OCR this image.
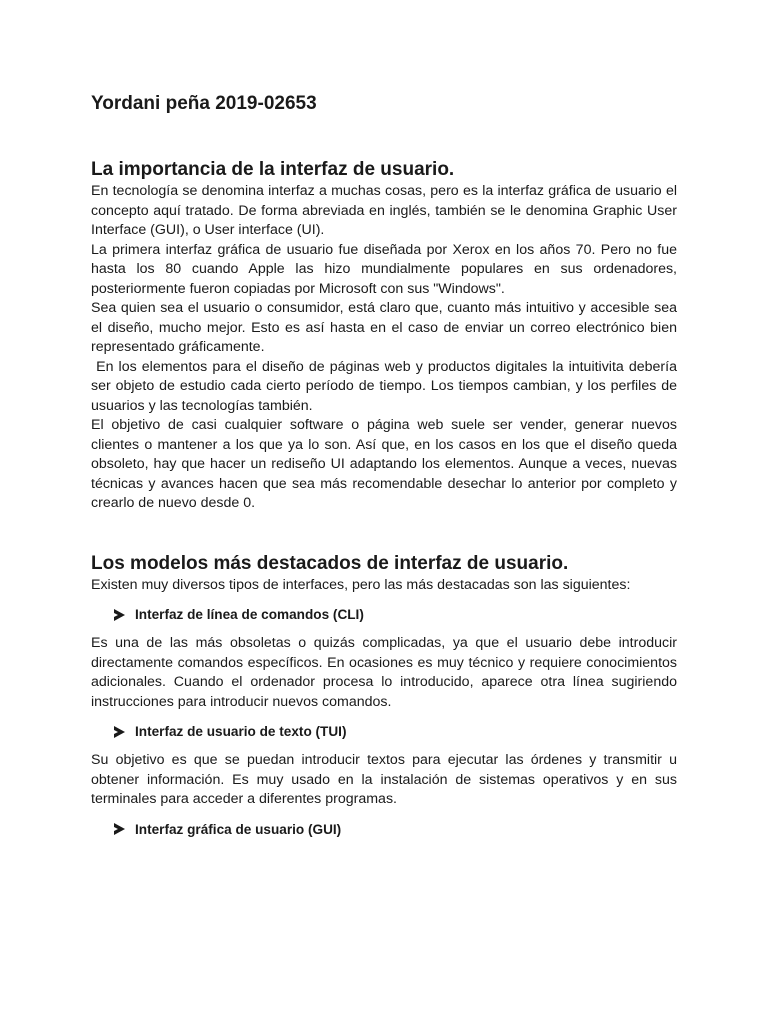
Yordani peña 2019-02653
La importancia de la interfaz de usuario.

En tecnología se denomina interfaz a muchas cosas, pero es la interfaz gráfica de usuario el concepto aquí tratado. De forma abreviada en inglés, también se le denomina Graphic User Interface (GUI), o User interface (UI).

La primera interfaz gráfica de usuario fue diseñada por Xerox en los años 70. Pero no fue hasta los 80 cuando Apple las hizo mundialmente populares en sus ordenadores, posteriormente fueron copiadas por Microsoft con sus "Windows".

Sea quien sea el usuario o consumidor, está claro que, cuanto más intuitivo y accesible sea el diseño, mucho mejor. Esto es así hasta en el caso de enviar un correo electrónico bien representado gráficamente.

En los elementos para el diseño de páginas web y productos digitales la intuitivita debería ser objeto de estudio cada cierto período de tiempo. Los tiempos cambian, y los perfiles de usuarios y las tecnologías también.

El objetivo de casi cualquier software o página web suele ser vender, generar nuevos clientes o mantener a los que ya lo son. Así que, en los casos en los que el diseño queda obsoleto, hay que hacer un rediseño UI adaptando los elementos. Aunque a veces, nuevas técnicas y avances hacen que sea más recomendable desechar lo anterior por completo y crearlo de nuevo desde 0.

Los modelos más destacados de interfaz de usuario.

Existen muy diversos tipos de interfaces, pero las más destacadas son las siguientes:

Interfaz de línea de comandos (CLI)

Es una de las más obsoletas o quizás complicadas, ya que el usuario debe introducir directamente comandos específicos. En ocasiones es muy técnico y requiere conocimientos adicionales. Cuando el ordenador procesa lo introducido, aparece otra línea sugiriendo instrucciones para introducir nuevos comandos.

Interfaz de usuario de texto (TUI)

Su objetivo es que se puedan introducir textos para ejecutar las órdenes y transmitir u obtener información. Es muy usado en la instalación de sistemas operativos y en sus terminales para acceder a diferentes programas.

Interfaz gráfica de usuario (GUI)
